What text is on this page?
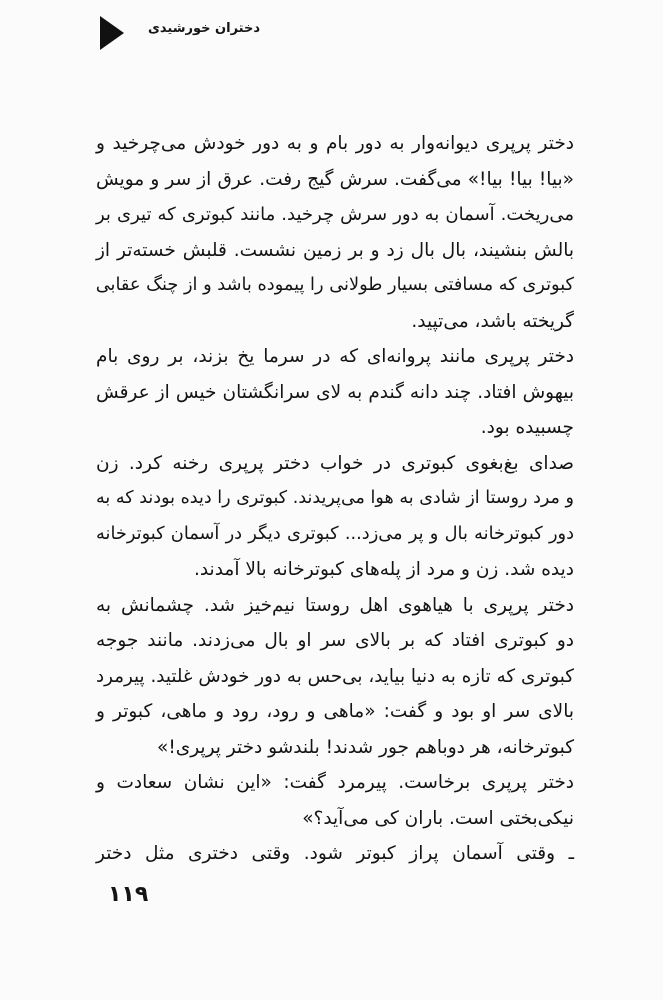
دختران خورشیدی
دختر پرپری دیوانه‌وار به دور بام و به دور خودش می‌چرخید و
«بیا! بیا! بیا!» می‌گفت. سرش گیج رفت. عرق از سر و مویش
می‌ریخت. آسمان به دور سرش چرخید. مانند کبوتری که تیری بر
بالش بنشیند، بال بال زد و بر زمین نشست. قلبش خسته‌تر از
کبوتری که مسافتی بسیار طولانی را پیموده باشد و از چنگ عقابی
گریخته باشد، می‌تپید.
دختر پرپری مانند پروانه‌ای که در سرما یخ بزند، بر روی بام
بیهوش افتاد. چند دانه گندم به لای سرانگشتان خیس از عرقش
چسبیده بود.
صدای بغ‌بغوی کبوتری در خواب دختر پرپری رخنه کرد. زن
و مرد روستا از شادی به هوا می‌پریدند. کبوتری را دیده بودند که به
دور کبوترخانه بال و پر می‌زد... کبوتری دیگر در آسمان کبوترخانه
دیده شد. زن و مرد از پله‌های کبوترخانه بالا آمدند.
دختر پرپری با هیاهوی اهل روستا نیم‌خیز شد. چشمانش به
دو کبوتری افتاد که بر بالای سر او بال می‌زدند. مانند جوجه
کبوتری که تازه به دنیا بیاید، بی‌حس به دور خودش غلتید. پیرمرد
بالای سر او بود و گفت: «ماهی و رود، رود و ماهی، کبوتر و
کبوترخانه، هر دوباهم جور شدند! بلندشو دختر پرپری!»
دختر پرپری برخاست. پیرمرد گفت: «این نشان سعادت و
نیکی‌بختی است. باران کی می‌آید؟»
ـ وقتی آسمان پراز کبوتر شود. وقتی دختری مثل دختر
۱۱۹
